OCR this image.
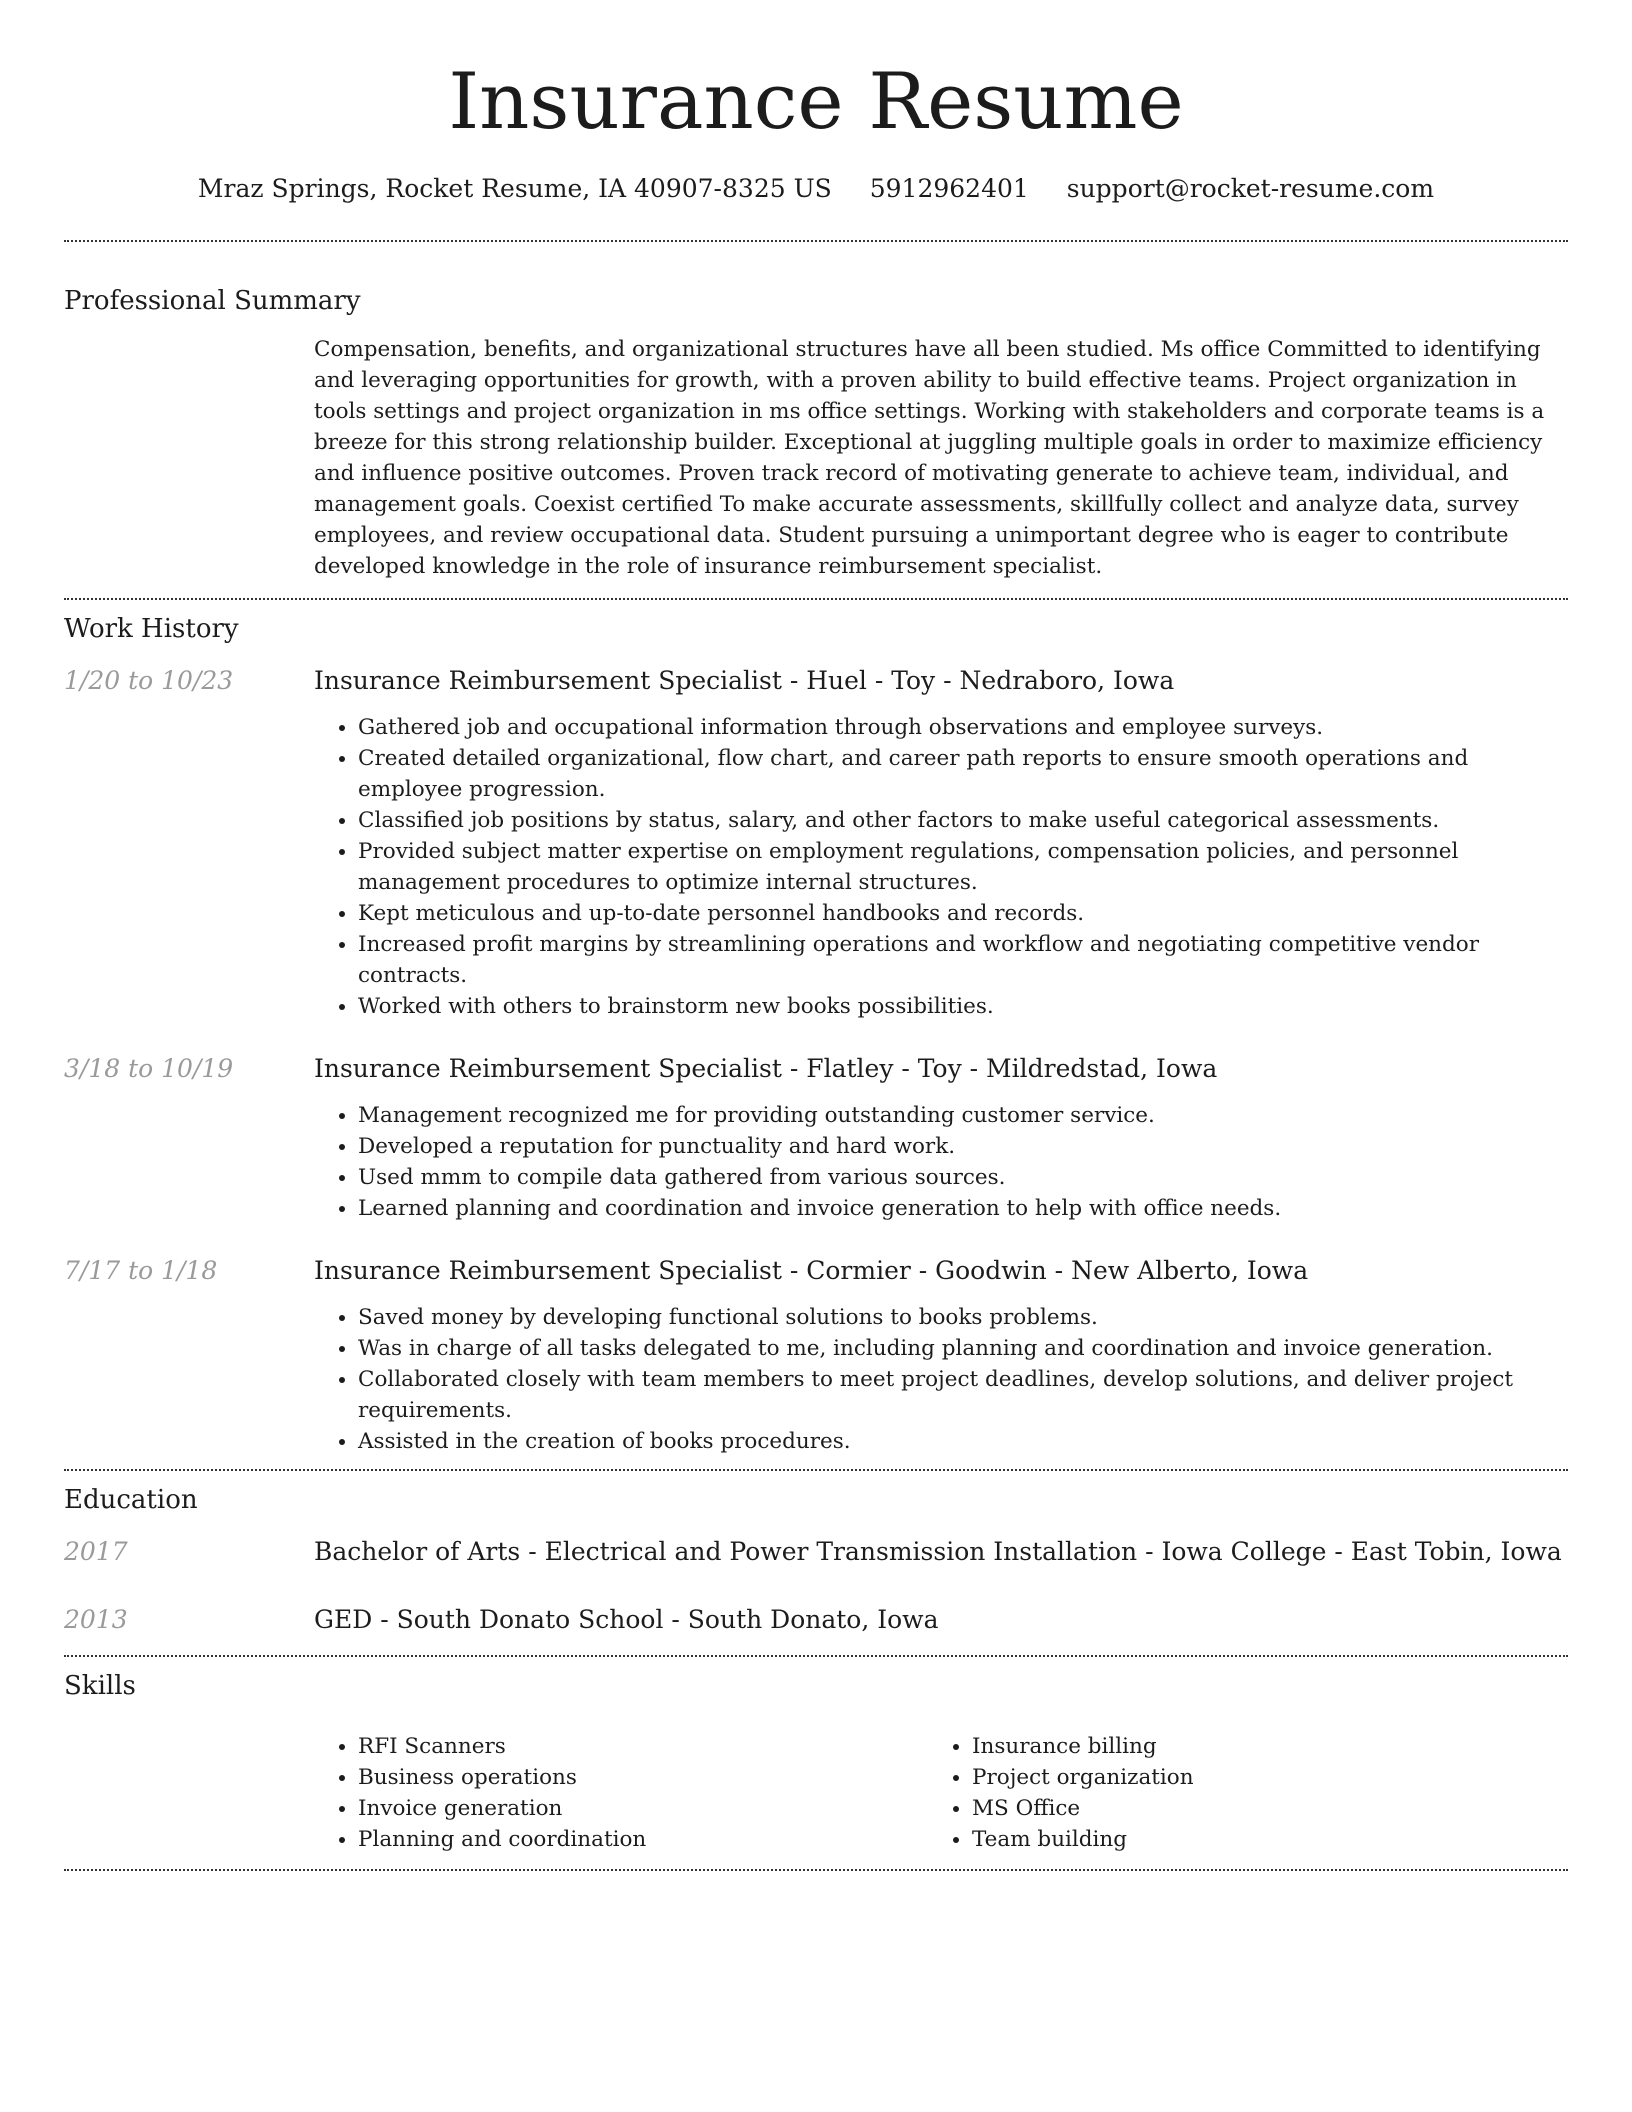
Insurance Resume
Mraz Springs, Rocket Resume, IA 40907-8325 US 5912962401 support@rocket-resume.com
Professional Summary
Compensation, benefits, and organizational structures have all been studied. Ms office Committed to identifying and leveraging opportunities for growth, with a proven ability to build effective teams. Project organization in tools settings and project organization in ms office settings. Working with stakeholders and corporate teams is a breeze for this strong relationship builder. Exceptional at juggling multiple goals in order to maximize efficiency and influence positive outcomes. Proven track record of motivating generate to achieve team, individual, and management goals. Coexist certified To make accurate assessments, skillfully collect and analyze data, survey employees, and review occupational data. Student pursuing a unimportant degree who is eager to contribute developed knowledge in the role of insurance reimbursement specialist.
Work History
1/20 to 10/23	Insurance Reimbursement Specialist - Huel - Toy - Nedraboro, Iowa
• Gathered job and occupational information through observations and employee surveys.
• Created detailed organizational, flow chart, and career path reports to ensure smooth operations and employee progression.
• Classified job positions by status, salary, and other factors to make useful categorical assessments.
• Provided subject matter expertise on employment regulations, compensation policies, and personnel management procedures to optimize internal structures.
• Kept meticulous and up-to-date personnel handbooks and records.
• Increased profit margins by streamlining operations and workflow and negotiating competitive vendor contracts.
• Worked with others to brainstorm new books possibilities.
3/18 to 10/19	Insurance Reimbursement Specialist - Flatley - Toy - Mildredstad, Iowa
• Management recognized me for providing outstanding customer service.
• Developed a reputation for punctuality and hard work.
• Used mmm to compile data gathered from various sources.
• Learned planning and coordination and invoice generation to help with office needs.
7/17 to 1/18	Insurance Reimbursement Specialist - Cormier - Goodwin - New Alberto, Iowa
• Saved money by developing functional solutions to books problems.
• Was in charge of all tasks delegated to me, including planning and coordination and invoice generation.
• Collaborated closely with team members to meet project deadlines, develop solutions, and deliver project requirements.
• Assisted in the creation of books procedures.
Education
2017	Bachelor of Arts - Electrical and Power Transmission Installation - Iowa College - East Tobin, Iowa
2013	GED - South Donato School - South Donato, Iowa
Skills
• RFI Scanners
• Business operations
• Invoice generation
• Planning and coordination
• Insurance billing
• Project organization
• MS Office
• Team building
